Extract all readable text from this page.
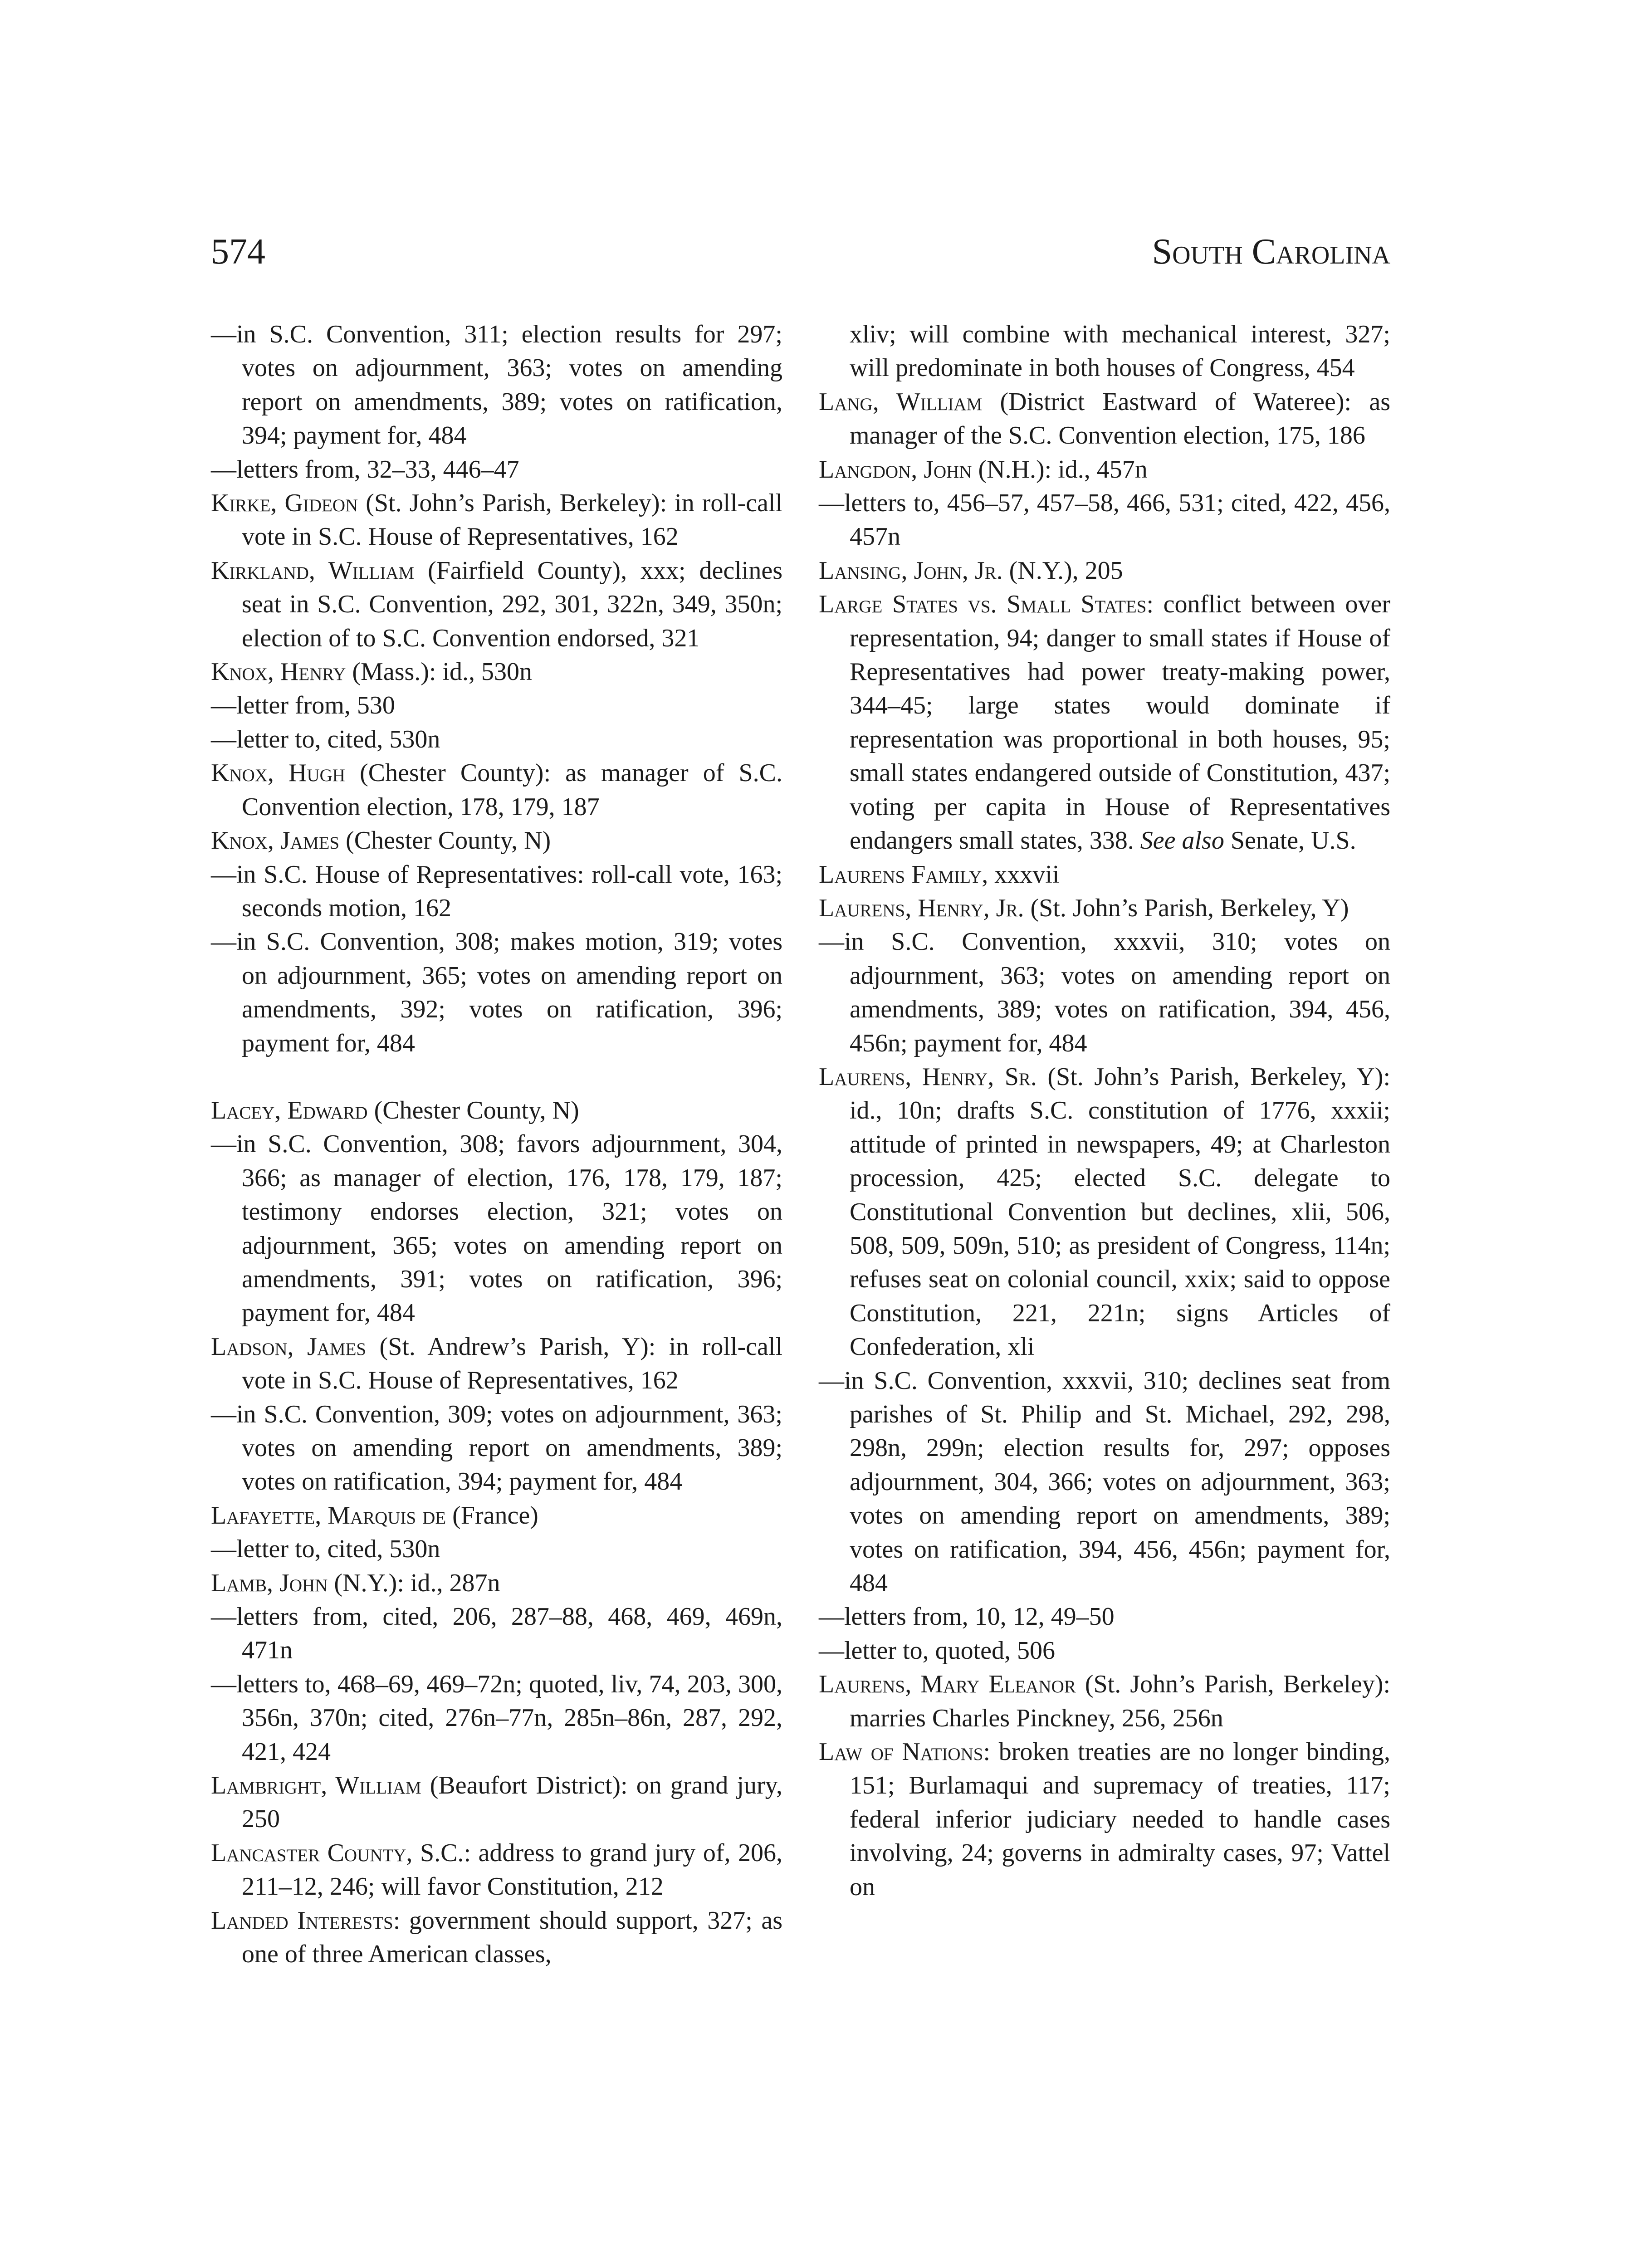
574	South Carolina

—in S.C. Convention, 311; election results for 297; votes on adjournment, 363; votes on amending report on amendments, 389; votes on ratification, 394; payment for, 484

—letters from, 32–33, 446–47

Kirke, Gideon (St. John’s Parish, Berkeley): in roll-call vote in S.C. House of Representatives, 162

Kirkland, William (Fairfield County), xxx; declines seat in S.C. Convention, 292, 301, 322n, 349, 350n; election of to S.C. Convention endorsed, 321

Knox, Henry (Mass.): id., 530n

—letter from, 530

—letter to, cited, 530n

Knox, Hugh (Chester County): as manager of S.C. Convention election, 178, 179, 187

Knox, James (Chester County, N)

—in S.C. House of Representatives: roll-call vote, 163; seconds motion, 162

—in S.C. Convention, 308; makes motion, 319; votes on adjournment, 365; votes on amending report on amendments, 392; votes on ratification, 396; payment for, 484

Lacey, Edward (Chester County, N)

—in S.C. Convention, 308; favors adjournment, 304, 366; as manager of election, 176, 178, 179, 187; testimony endorses election, 321; votes on adjournment, 365; votes on amending report on amendments, 391; votes on ratification, 396; payment for, 484

Ladson, James (St. Andrew’s Parish, Y): in roll-call vote in S.C. House of Representatives, 162

—in S.C. Convention, 309; votes on adjournment, 363; votes on amending report on amendments, 389; votes on ratification, 394; payment for, 484

Lafayette, Marquis de (France)

—letter to, cited, 530n

Lamb, John (N.Y.): id., 287n

—letters from, cited, 206, 287–88, 468, 469, 469n, 471n

—letters to, 468–69, 469–72n; quoted, liv, 74, 203, 300, 356n, 370n; cited, 276n–77n, 285n–86n, 287, 292, 421, 424

Lambright, William (Beaufort District): on grand jury, 250

Lancaster County, S.C.: address to grand jury of, 206, 211–12, 246; will favor Constitution, 212

Landed Interests: government should support, 327; as one of three American classes,

xliv; will combine with mechanical interest, 327; will predominate in both houses of Congress, 454

Lang, William (District Eastward of Wateree): as manager of the S.C. Convention election, 175, 186

Langdon, John (N.H.): id., 457n

—letters to, 456–57, 457–58, 466, 531; cited, 422, 456, 457n

Lansing, John, Jr. (N.Y.), 205

Large States vs. Small States: conflict between over representation, 94; danger to small states if House of Representatives had power treaty-making power, 344–45; large states would dominate if representation was proportional in both houses, 95; small states endangered outside of Constitution, 437; voting per capita in House of Representatives endangers small states, 338. See also Senate, U.S.

Laurens Family, xxxvii

Laurens, Henry, Jr. (St. John’s Parish, Berkeley, Y)

—in S.C. Convention, xxxvii, 310; votes on adjournment, 363; votes on amending report on amendments, 389; votes on ratification, 394, 456, 456n; payment for, 484

Laurens, Henry, Sr. (St. John’s Parish, Berkeley, Y): id., 10n; drafts S.C. constitution of 1776, xxxii; attitude of printed in newspapers, 49; at Charleston procession, 425; elected S.C. delegate to Constitutional Convention but declines, xlii, 506, 508, 509, 509n, 510; as president of Congress, 114n; refuses seat on colonial council, xxix; said to oppose Constitution, 221, 221n; signs Articles of Confederation, xli

—in S.C. Convention, xxxvii, 310; declines seat from parishes of St. Philip and St. Michael, 292, 298, 298n, 299n; election results for, 297; opposes adjournment, 304, 366; votes on adjournment, 363; votes on amending report on amendments, 389; votes on ratification, 394, 456, 456n; payment for, 484

—letters from, 10, 12, 49–50

—letter to, quoted, 506

Laurens, Mary Eleanor (St. John’s Parish, Berkeley): marries Charles Pinckney, 256, 256n

Law of Nations: broken treaties are no longer binding, 151; Burlamaqui and supremacy of treaties, 117; federal inferior judiciary needed to handle cases involving, 24; governs in admiralty cases, 97; Vattel on
